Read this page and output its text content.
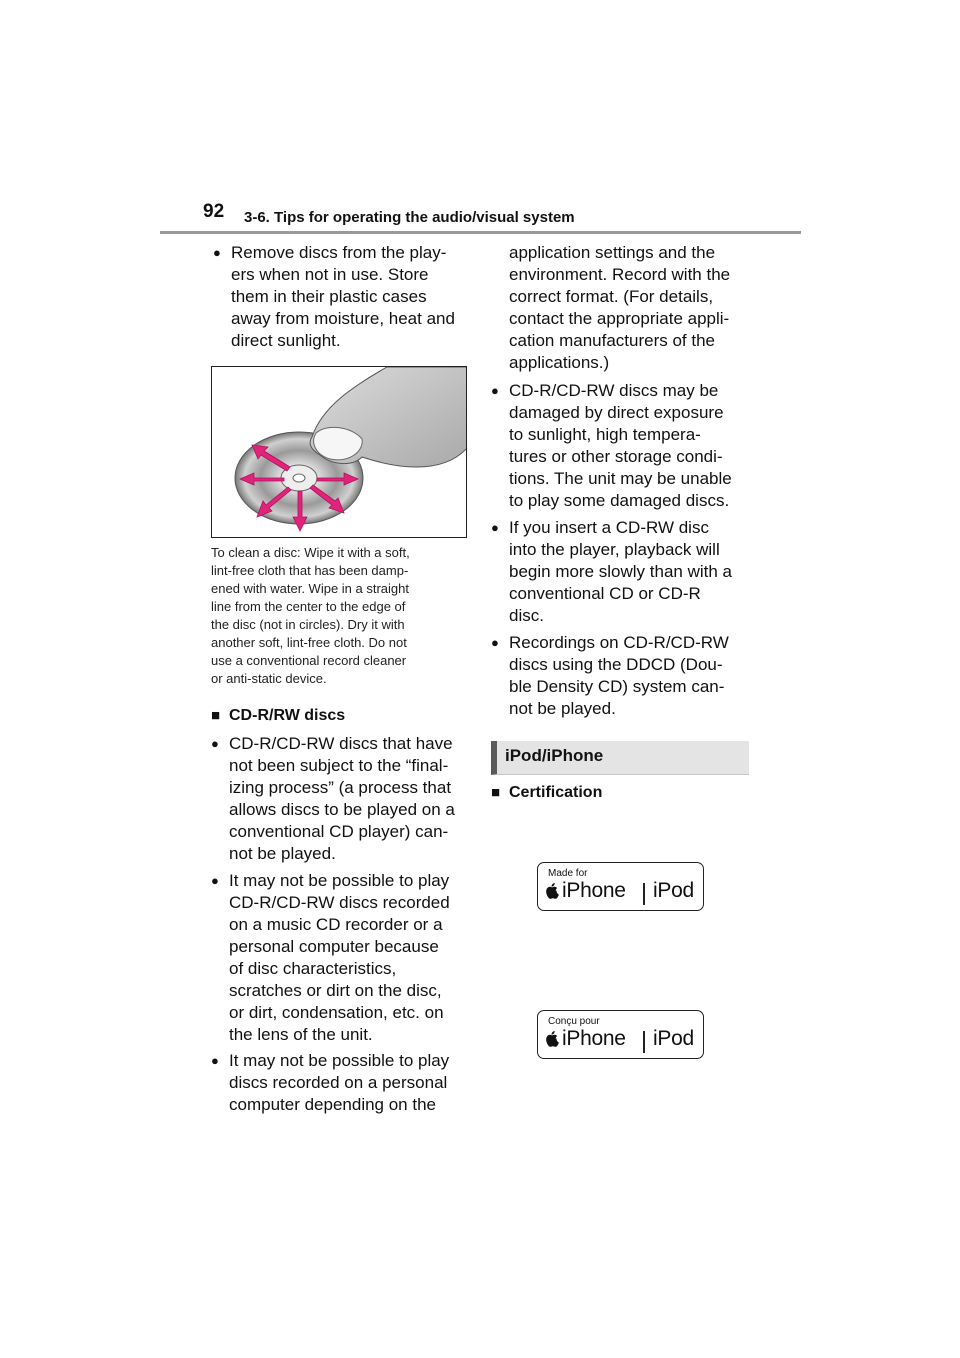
92 3-6. Tips for operating the audio/visual system
● Remove discs from the play-

ers when not in use. Store

them in their plastic cases

away from moisture, heat and

direct sunlight.

To clean a disc: Wipe it with a soft,
lint-free cloth that has been damp-
ened with water. Wipe in a straight
line from the center to the edge of
the disc (not in circles). Dry it with
another soft, lint-free cloth. Do not
use a conventional record cleaner
or anti-static device.
■ CD-R/RW discs
● CD-R/CD-RW discs that have

not been subject to the “final-

izing process” (a process that

allows discs to be played on a

conventional CD player) can-

not be played.

● It may not be possible to play

CD-R/CD-RW discs recorded

on a music CD recorder or a

personal computer because

of disc characteristics,

scratches or dirt on the disc,

or dirt, condensation, etc. on

the lens of the unit.

● It may not be possible to play

discs recorded on a personal

computer depending on the

application settings and the

environment. Record with the

correct format. (For details,

contact the appropriate appli-

cation manufacturers of the

applications.)

● CD-R/CD-RW discs may be

damaged by direct exposure

to sunlight, high tempera-

tures or other storage condi-

tions. The unit may be unable

to play some damaged discs.

● If you insert a CD-RW disc

into the player, playback will

begin more slowly than with a

conventional CD or CD-R

disc.

● Recordings on CD-R/CD-RW

discs using the DDCD (Dou-

ble Density CD) system can-

not be played.

iPod/iPhone
■ Certification
Made for
iPhone iPod
Conçu pour
iPhone iPod
